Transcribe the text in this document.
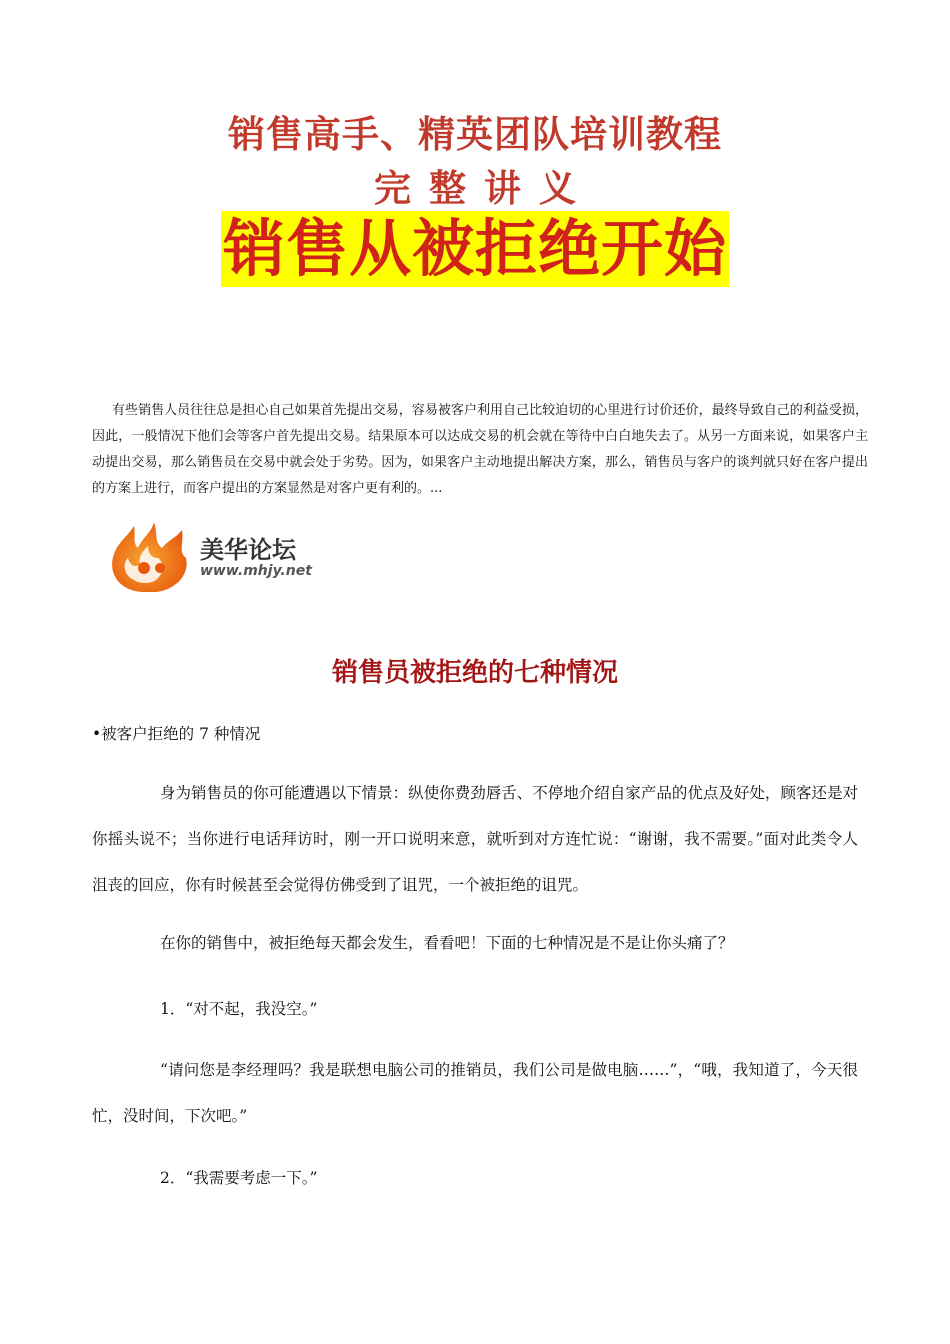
销售高手、精英团队培训教程
完整讲义
销售从被拒绝开始

有些销售人员往往总是担心自己如果首先提出交易，容易被客户利用自己比较迫切的心里进行讨价还价，最终导致自己的利益受损，因此，一般情况下他们会等客户首先提出交易。结果原本可以达成交易的机会就在等待中白白地失去了。从另一方面来说，如果客户主动提出交易，那么销售员在交易中就会处于劣势。因为，如果客户主动地提出解决方案，那么，销售员与客户的谈判就只好在客户提出的方案上进行，而客户提出的方案显然是对客户更有利的。...

美华论坛
www.mhjy.net
销售员被拒绝的七种情况

•被客户拒绝的 7 种情况

身为销售员的你可能遭遇以下情景：纵使你费劲唇舌、不停地介绍自家产品的优点及好处，顾客还是对你摇头说不；当你进行电话拜访时，刚一开口说明来意，就听到对方连忙说：“谢谢，我不需要。”面对此类令人沮丧的回应，你有时候甚至会觉得仿佛受到了诅咒，一个被拒绝的诅咒。

在你的销售中，被拒绝每天都会发生，看看吧！下面的七种情况是不是让你头痛了？

1．“对不起，我没空。”

“请问您是李经理吗？我是联想电脑公司的推销员，我们公司是做电脑……”，“哦，我知道了，今天很忙，没时间，下次吧。”

2．“我需要考虑一下。”
